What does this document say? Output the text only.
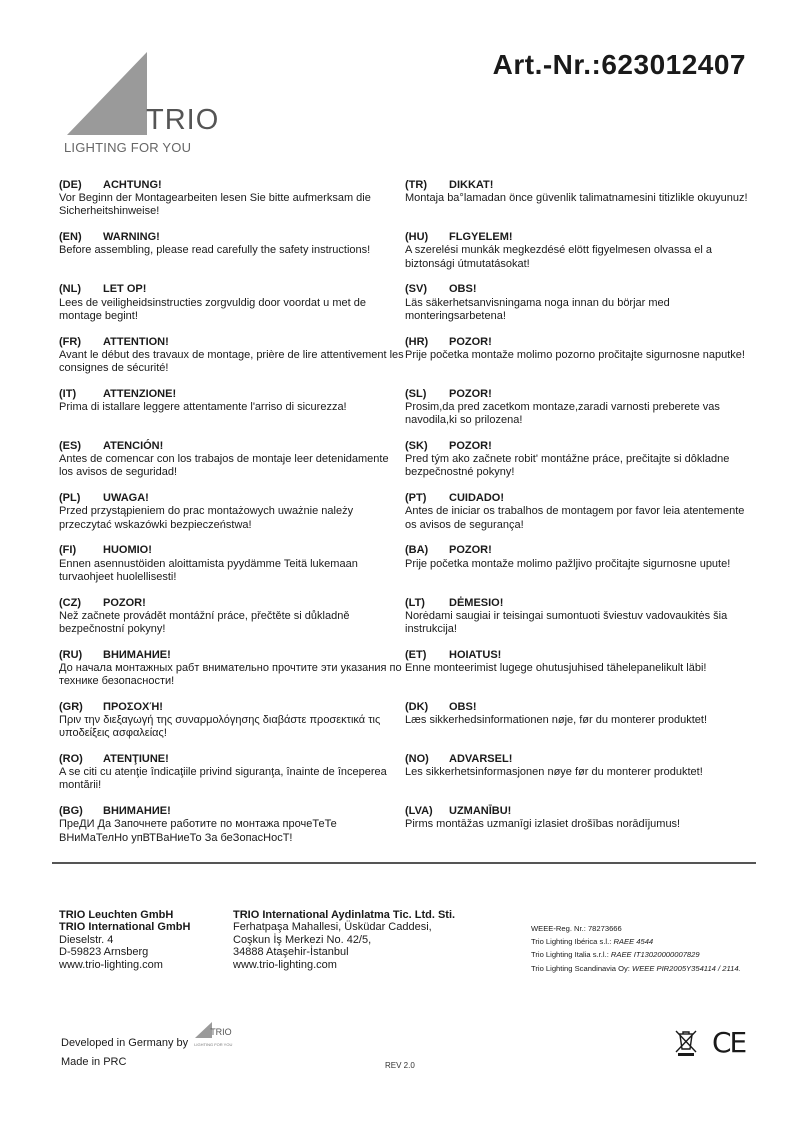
TRIO
LIGHTING FOR YOU
Art.-Nr.:623012407
(DE) ACHTUNG!
Vor Beginn der Montagearbeiten lesen Sie bitte aufmerksam die Sicherheitshinweise!
(EN) WARNING!
Before assembling, please read carefully the safety instructions!
(NL) LET OP!
Lees de veiligheidsinstructies zorgvuldig door voordat u met de montage begint!
(FR) ATTENTION!
Avant le début des travaux de montage, prière de lire attentivement les consignes de sécurité!
(IT) ATTENZIONE!
Prima di istallare leggere attentamente l'arriso di sicurezza!
(ES) ATENCIÓN!
Antes de comencar con los trabajos de montaje leer detenidamente los avisos de seguridad!
(PL) UWAGA!
Przed przystąpieniem do prac montażowych uważnie należy przeczytać wskazówki bezpieczeństwa!
(FI) HUOMIO!
Ennen asennustöiden aloittamista pyydämme Teitä lukemaan turvaohjeet huolellisesti!
(CZ) POZOR!
Než začnete provádět montážní práce, přečtěte si důkladně bezpečnostní pokyny!
(RU) ВНИМАНИЕ!
До начала монтажных рабт внимательно прочтите эти указания по технике безопасности!
(GR) ΠΡΟΣΟΧΉ!
Πριν την διεξαγωγή της συναρμολόγησης διαβάστε προσεκτικά τις υποδείξεις ασφαλείας!
(RO) ATENŢIUNE!
A se citi cu atenţie îndicaţiile privind siguranţa, înainte de începerea montării!
(BG) ВНИМАНИЕ!
ПреДИ Да Започнете работите по монтажа прочеТеТе ВНиМаТелНо упВТВаНиеТо За беЗопасНосТ!
(TR) DIKKAT!
Montaja ba°lamadan önce güvenlik talimatnamesini titizlikle okuyunuz!
(HU) FLGYELEM!
A szerelési munkák megkezdésé elött figyelmesen olvassa el a biztonsági útmutatásokat!
(SV) OBS!
Läs säkerhetsanvisningama noga innan du börjar med monteringsarbetena!
(HR) POZOR!
Prije početka montaže molimo pozorno pročitajte sigurnosne naputke!
(SL) POZOR!
Prosim,da pred zacetkom montaze,zaradi varnosti preberete vas navodila,ki so prilozena!
(SK) POZOR!
Pred tým ako začnete robit' montážne práce, prečitajte si dôkladne bezpečnostné pokyny!
(PT) CUIDADO!
Antes de iniciar os trabalhos de montagem por favor leia atentemente os avisos de segurança!
(BA) POZOR!
Prije početka montaže molimo pažljivo pročitajte sigurnosne upute!
(LT) DĖMESIO!
Norėdami saugiai ir teisingai sumontuoti šviestuv vadovaukitės šia instrukcija!
(ET) HOIATUS!
Enne monteerimist lugege ohutusjuhised tähelepanelikult läbi!
(DK) OBS!
Læs sikkerhedsinformationen nøje, før du monterer produktet!
(NO) ADVARSEL!
Les sikkerhetsinformasjonen nøye før du monterer produktet!
(LVA) UZMANĪBU!
Pirms montāžas uzmanīgi izlasiet drošības norādījumus!
TRIO Leuchten GmbH
TRIO International GmbH
Dieselstr. 4
D-59823 Arnsberg
www.trio-lighting.com
TRIO International Aydinlatma Tic. Ltd. Sti.
Ferhatpaşa Mahallesi, Üsküdar Caddesi,
Coşkun İş Merkezi No. 42/5,
34888 Ataşehir-İstanbul
www.trio-lighting.com
WEEE-Reg. Nr.: 78273666
Trio Lighting Ibérica s.l.: RAEE 4544
Trio Lighting Italia s.r.l.: RAEE IT13020000007829
Trio Lighting Scandinavia Oy: WEEE PIR2005Y354114 / 2114.
Developed in Germany by
TRIO
LIGHTING FOR YOU
Made in PRC	REV 2.0
CE
